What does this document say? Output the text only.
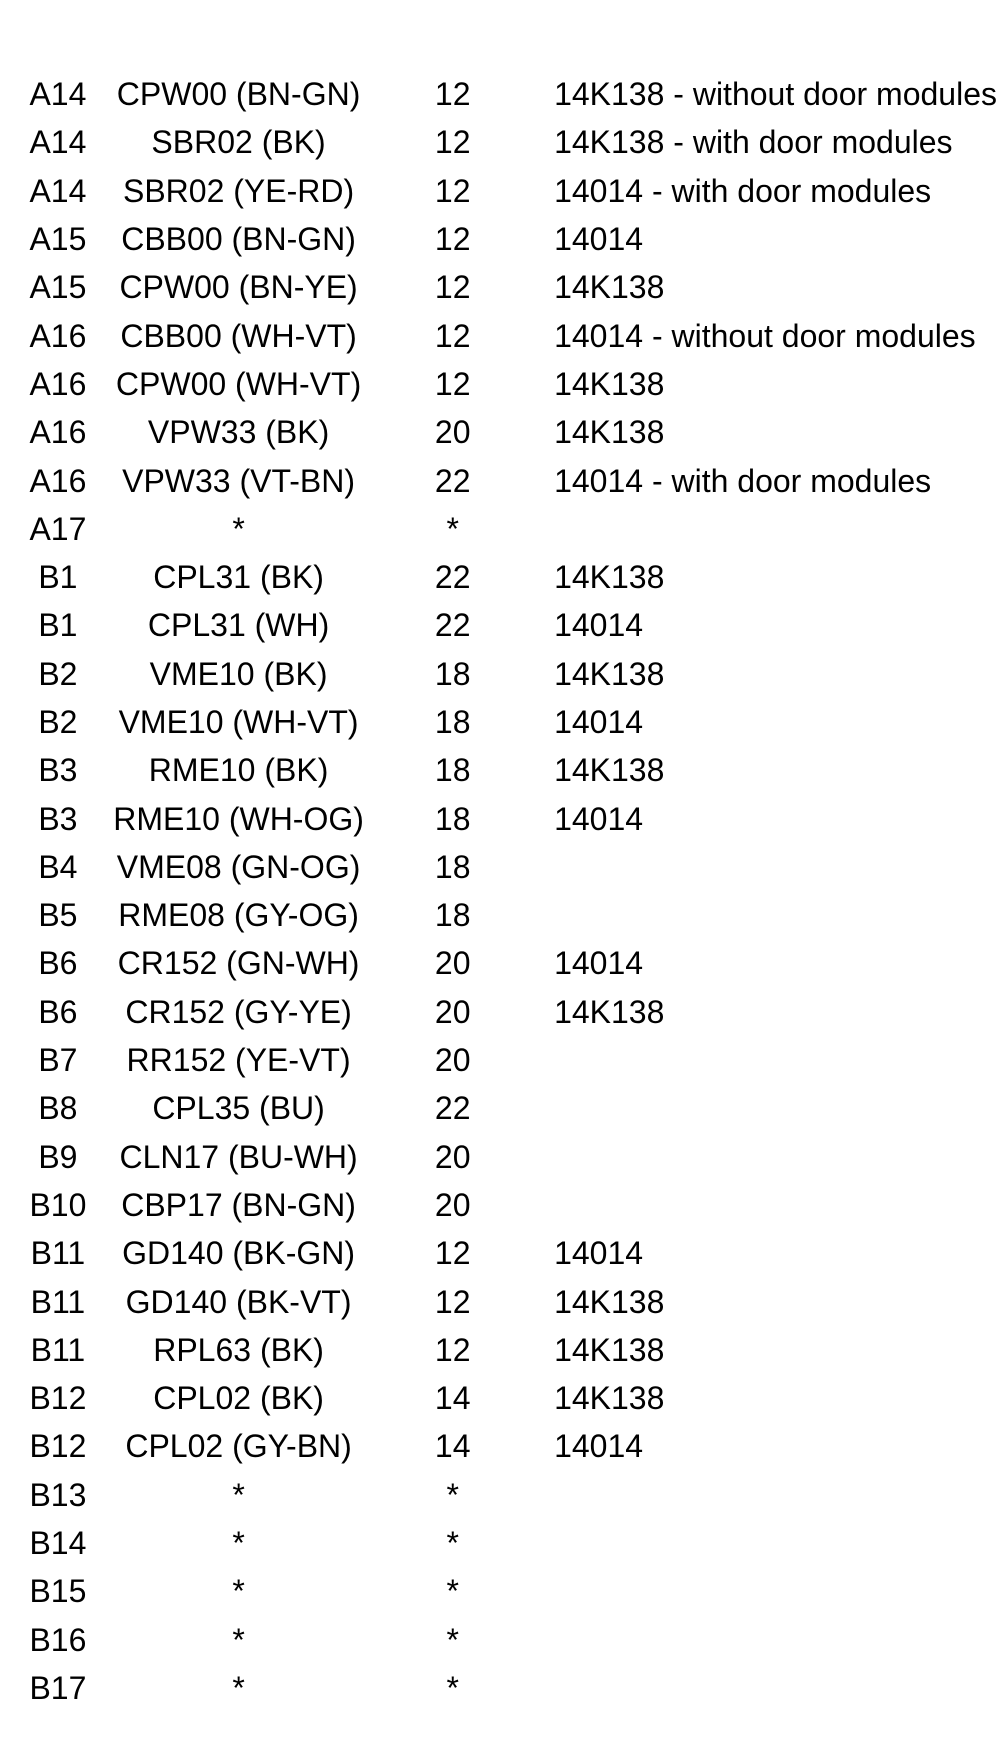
A14	CPW00 (BN-GN)	12	14K138 - without door modules
A14	SBR02 (BK)	12	14K138 - with door modules
A14	SBR02 (YE-RD)	12	14014 - with door modules
A15	CBB00 (BN-GN)	12	14014
A15	CPW00 (BN-YE)	12	14K138
A16	CBB00 (WH-VT)	12	14014 - without door modules
A16	CPW00 (WH-VT)	12	14K138
A16	VPW33 (BK)	20	14K138
A16	VPW33 (VT-BN)	22	14014 - with door modules
A17	*	*	
B1	CPL31 (BK)	22	14K138
B1	CPL31 (WH)	22	14014
B2	VME10 (BK)	18	14K138
B2	VME10 (WH-VT)	18	14014
B3	RME10 (BK)	18	14K138
B3	RME10 (WH-OG)	18	14014
B4	VME08 (GN-OG)	18	
B5	RME08 (GY-OG)	18	
B6	CR152 (GN-WH)	20	14014
B6	CR152 (GY-YE)	20	14K138
B7	RR152 (YE-VT)	20	
B8	CPL35 (BU)	22	
B9	CLN17 (BU-WH)	20	
B10	CBP17 (BN-GN)	20	
B11	GD140 (BK-GN)	12	14014
B11	GD140 (BK-VT)	12	14K138
B11	RPL63 (BK)	12	14K138
B12	CPL02 (BK)	14	14K138
B12	CPL02 (GY-BN)	14	14014
B13	*	*	
B14	*	*	
B15	*	*	
B16	*	*	
B17	*	*	
